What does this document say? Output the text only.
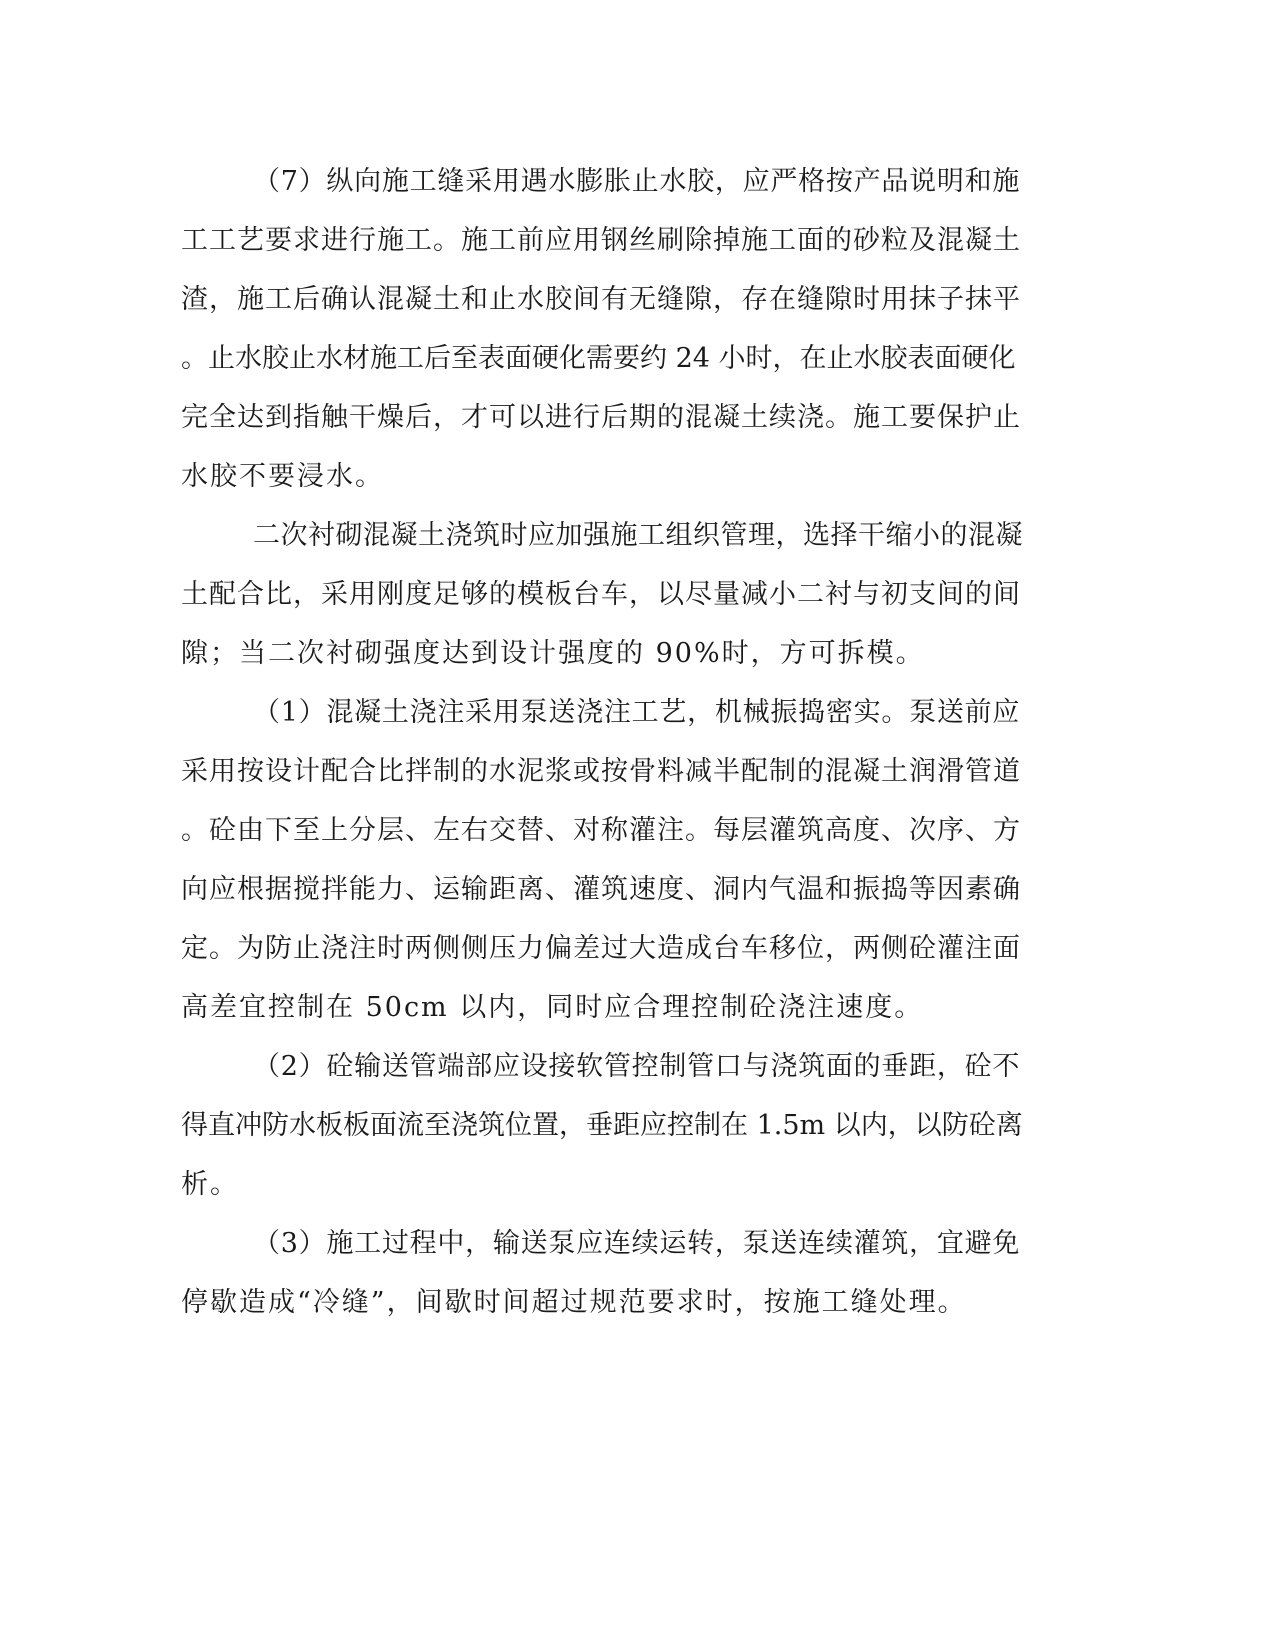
（7）纵向施工缝采用遇水膨胀止水胶，应严格按产品说明和施
工工艺要求进行施工。施工前应用钢丝刷除掉施工面的砂粒及混凝土
渣，施工后确认混凝土和止水胶间有无缝隙，存在缝隙时用抹子抹平
。止水胶止水材施工后至表面硬化需要约 24 小时，在止水胶表面硬化
完全达到指触干燥后，才可以进行后期的混凝土续浇。施工要保护止
水胶不要浸水。
二次衬砌混凝土浇筑时应加强施工组织管理，选择干缩小的混凝
土配合比，采用刚度足够的模板台车，以尽量减小二衬与初支间的间
隙；当二次衬砌强度达到设计强度的 90%时，方可拆模。
（1）混凝土浇注采用泵送浇注工艺，机械振捣密实。泵送前应
采用按设计配合比拌制的水泥浆或按骨料减半配制的混凝土润滑管道
。砼由下至上分层、左右交替、对称灌注。每层灌筑高度、次序、方
向应根据搅拌能力、运输距离、灌筑速度、洞内气温和振捣等因素确
定。为防止浇注时两侧侧压力偏差过大造成台车移位，两侧砼灌注面
高差宜控制在 50cm 以内，同时应合理控制砼浇注速度。
（2）砼输送管端部应设接软管控制管口与浇筑面的垂距，砼不
得直冲防水板板面流至浇筑位置，垂距应控制在 1.5m 以内，以防砼离
析。
（3）施工过程中，输送泵应连续运转，泵送连续灌筑，宜避免
停歇造成“冷缝”，间歇时间超过规范要求时，按施工缝处理。
